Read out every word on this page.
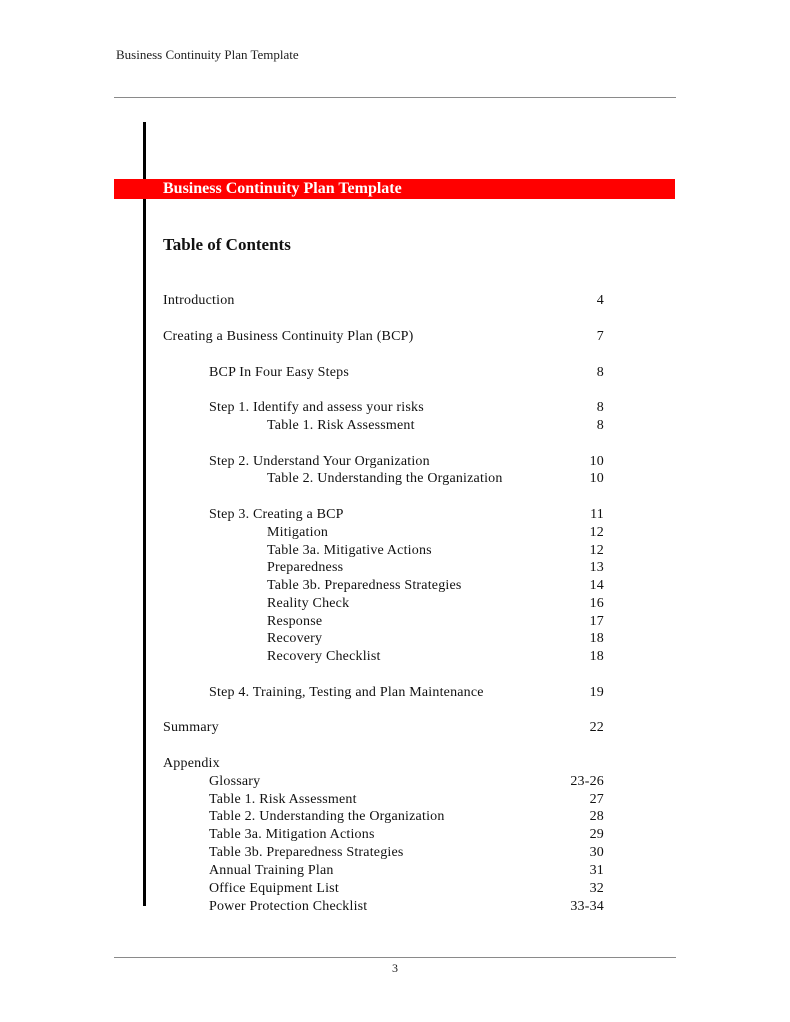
Business Continuity Plan Template
Business Continuity Plan Template
Table of Contents
Introduction	4
Creating a Business Continuity Plan (BCP)	7
BCP In Four Easy Steps	8
Step 1. Identify and assess your risks	8
Table 1. Risk Assessment	8
Step 2. Understand Your Organization	10
Table 2. Understanding the Organization	10
Step 3. Creating a BCP	11
Mitigation	12
Table 3a. Mitigative Actions	12
Preparedness	13
Table 3b. Preparedness Strategies	14
Reality Check	16
Response	17
Recovery	18
Recovery Checklist	18
Step 4. Training, Testing and Plan Maintenance	19
Summary	22
Appendix
Glossary	23-26
Table 1. Risk Assessment	27
Table 2. Understanding the Organization	28
Table 3a. Mitigation Actions	29
Table 3b. Preparedness Strategies	30
Annual Training Plan	31
Office Equipment List	32
Power Protection Checklist	33-34
3
